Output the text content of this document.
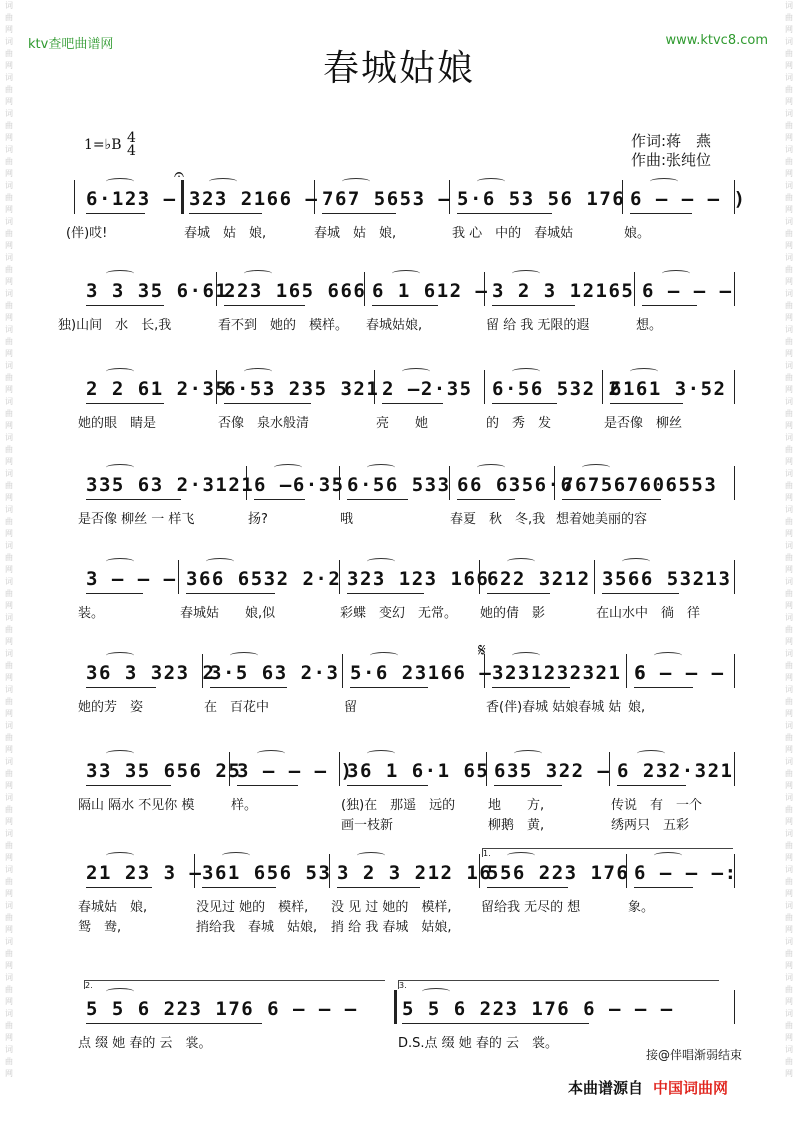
词
曲
网
词
曲
网
词
曲
网
词
曲
网
词
曲
网
词
曲
网
词
曲
网
词
曲
网
词
曲
网
词
曲
网
词
曲
网
词
曲
网
词
曲
网
词
曲
网
词
曲
网
词
曲
网
词
曲
网
词
曲
网
词
曲
网
词
曲
网
词
曲
网
词
曲
网
词
曲
网
词
曲
网
词
曲
网
词
曲
网
词
曲
网
词
曲
网
词
曲
网
词
曲
网
词
曲
网
词
曲
网
词
曲
网
词
曲
网
词
曲
网
词
曲
网
词
曲
网
词
曲
网
词
曲
网
词
曲
网
词
曲
网
词
曲
网
词
曲
网
词
曲
网
词
曲
网
词
曲
网
词
曲
网
词
曲
网
词
曲
网
词
曲
网
词
曲
网
词
曲
网
词
曲
网
词
曲
网
词
曲
网
词
曲
网
词
曲
网
词
曲
网
词
曲
网
词
曲
网
ktv查吧曲谱网	www.ktvc8.com
春城姑娘
1=♭B 4
4
作词:蒋　燕
作曲:张纯位
6·123 – 323 2166 – 767 5653 – 5·6 53 56 176 6 – – – )
(伴)哎!	春城　姑　娘,	春城　姑　娘,	我 心　中的　春城姑	娘。
3 3 35 6·61
223 165 666 6 1 612 – 3 2 3 12165 6 – – –
独)山间　水　长,我	看不到　她的　模样。 春城姑娘,	留 给 我 无限的遐	想。
2 2 61 2·35
6·53 235 321 2 –2·35 6·56 532 2
6161 3·52
她的眼　睛是	否像　泉水般清	亮　　她	的　秀　发	是否像　柳丝
335 63 2·3121 6 –6·35 6·56 533 66 6356·6
767567606553
是否像 柳丝 一 样飞	扬?	哦	春夏　秋　冬,我 想着她美丽的容
3 – – – 366 6532 2·2 323 123 166
622 3212 3566 53213
装。	春城姑　　娘,似	彩蝶　变幻　无常。 她的倩　影	在山水中　徜　徉
36 3 323 2
3·5 63 2·3 5·6 23166 – 3231232321 6
6 – – –
她的芳　姿	在　百花中	留	香(伴)春城 姑娘春城 姑 娘,
33 35 656 25
3 – – – )
36 1 6·1 65 635 322 – 6 232·321
隔山 隔水 不见你 模	样。	(独)在　那遥　远的	地　　方,	传说　有　一个
画一枝新	柳鹅　黄,	绣两只　五彩
21 23 3 – 361 656 53 3 2 3 212 16
556 223 176 6 – – –:
春城姑　娘,	没见过 她的　模样, 没 见 过 她的　模样, 留给我 无尽的 想	象。
鸳　鸯,	捎给我　春城　姑娘, 捎 给 我 春城　姑娘,
5 5 6 223 176 6 – – – 5 5 6 223 176 6 – – –
点 缀 她 春的 云　裳。	D.S.点 缀 她 春的 云　裳。
接@伴唱渐弱结束
本曲谱源自 中国词曲网
1.
2.	3.
𝄋
𝄐
